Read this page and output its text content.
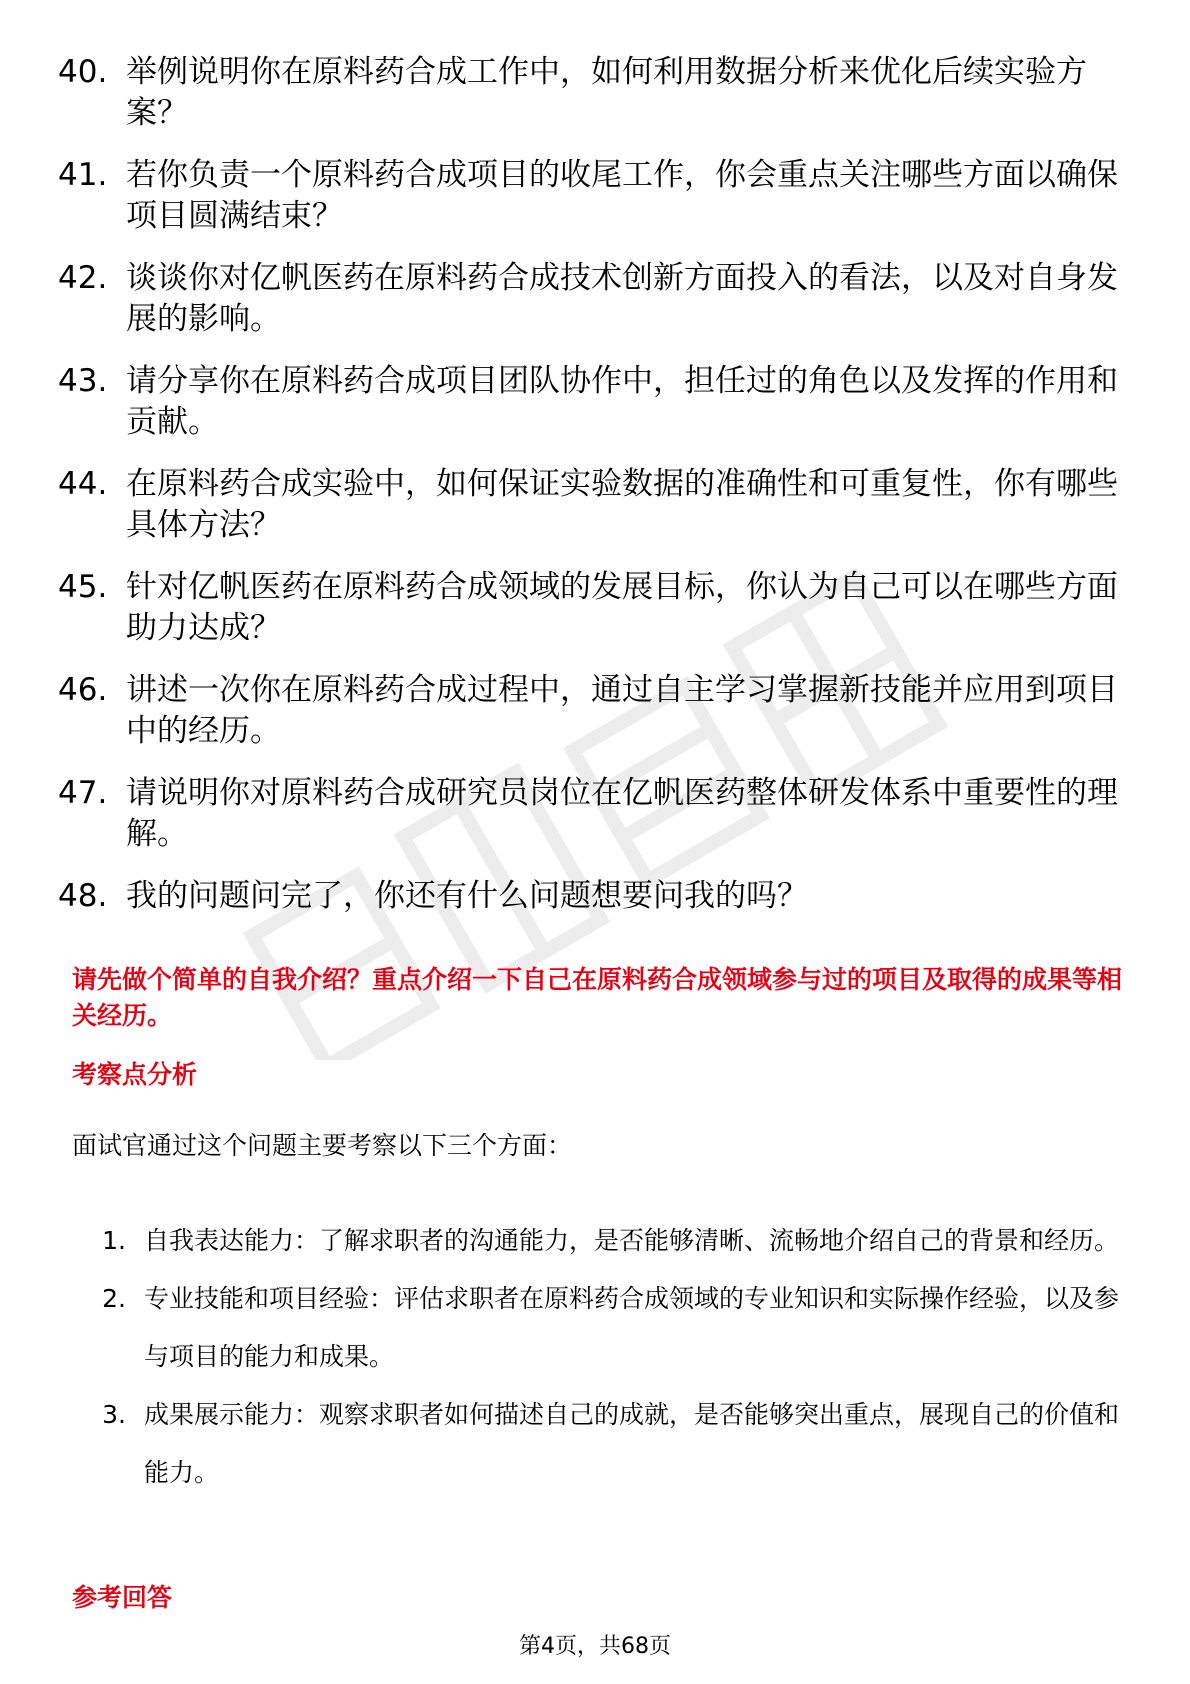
40. 举例说明你在原料药合成工作中，如何利用数据分析来优化后续实验方案？
41. 若你负责一个原料药合成项目的收尾工作，你会重点关注哪些方面以确保项目圆满结束？
42. 谈谈你对亿帆医药在原料药合成技术创新方面投入的看法，以及对自身发展的影响。
43. 请分享你在原料药合成项目团队协作中，担任过的角色以及发挥的作用和贡献。
44. 在原料药合成实验中，如何保证实验数据的准确性和可重复性，你有哪些具体方法？
45. 针对亿帆医药在原料药合成领域的发展目标，你认为自己可以在哪些方面助力达成？
46. 讲述一次你在原料药合成过程中，通过自主学习掌握新技能并应用到项目中的经历。
47. 请说明你对原料药合成研究员岗位在亿帆医药整体研发体系中重要性的理解。
48. 我的问题问完了，你还有什么问题想要问我的吗？
请先做个简单的自我介绍？重点介绍一下自己在原料药合成领域参与过的项目及取得的成果等相关经历。
考察点分析
面试官通过这个问题主要考察以下三个方面：
1. 自我表达能力：了解求职者的沟通能力，是否能够清晰、流畅地介绍自己的背景和经历。
2. 专业技能和项目经验：评估求职者在原料药合成领域的专业知识和实际操作经验，以及参与项目的能力和成果。
3. 成果展示能力：观察求职者如何描述自己的成就，是否能够突出重点，展现自己的价值和能力。
参考回答
第4页，共68页
